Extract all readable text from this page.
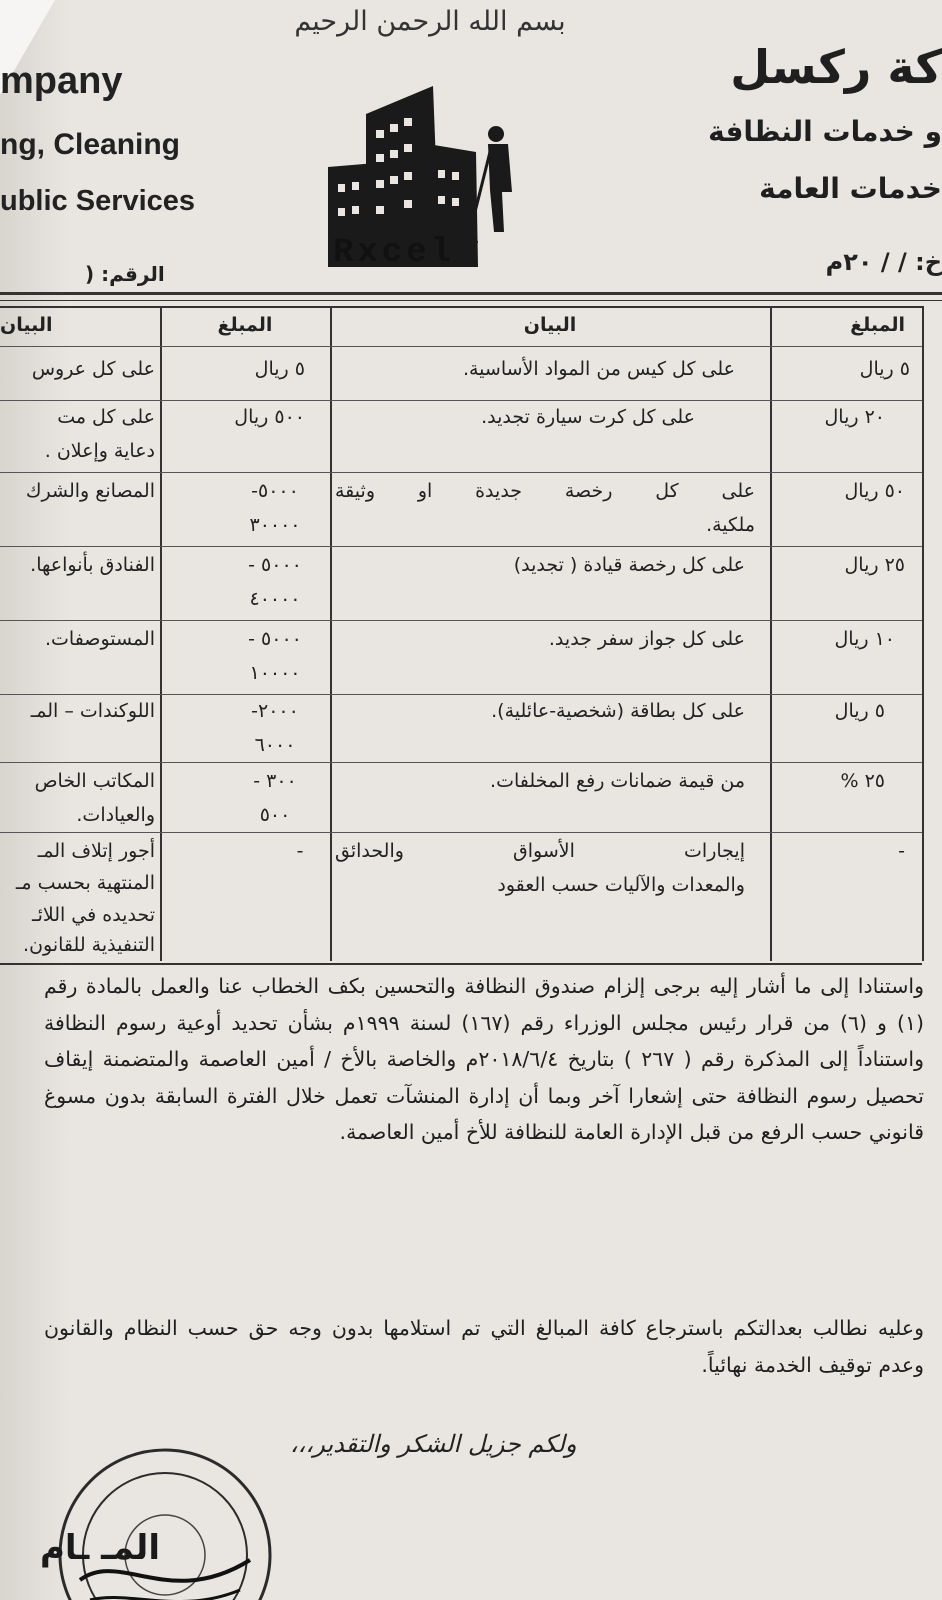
بسم الله الرحمن الرحيم
mpany
ng, Cleaning
ublic Services
كة ركسل
و خدمات النظافة
خدمات العامة
Rxcel	خ: / / ٢٠م
الرقم: (
المبلغ
البيان
المبلغ
البيان
٥ ريال
على كل كيس من المواد الأساسية.
٥ ريال
على كل عروس
٢٠ ريال
على كل كرت سيارة تجديد.
٥٠٠ ريال
على كل مت
دعاية وإعلان .
٥٠ ريال
على كل رخصة جديدة او وثيقة
ملكية.
-٥٠٠٠
٣٠٠٠٠
المصانع والشرك
٢٥ ريال
على كل رخصة قيادة ( تجديد)
- ٥٠٠٠
٤٠٠٠٠
الفنادق بأنواعها.
١٠ ريال
على كل جواز سفر جديد.
- ٥٠٠٠
١٠٠٠٠
المستوصفات.
٥ ريال
على كل بطاقة (شخصية-عائلية).
-٢٠٠٠
٦٠٠٠
اللوكندات – المـ
٢٥ %
من قيمة ضمانات رفع المخلفات.
- ٣٠٠
٥٠٠
المكاتب الخاص
والعيادات.
-
إيجارات الأسواق والحدائق
والمعدات والآليات حسب العقود
-
أجور إتلاف المـ
المنتهية بحسب مـ
تحديده في اللائـ
التنفيذية للقانون.
واستنادا إلى ما أشار إليه برجى إلزام صندوق النظافة والتحسين بكف الخطاب عنا والعمل بالمادة رقم (١) و (٦) من قرار رئيس مجلس الوزراء رقم (١٦٧) لسنة ١٩٩٩م بشأن تحديد أوعية رسوم النظافة واستناداً إلى المذكرة رقم ( ٢٦٧ ) بتاريخ ٢٠١٨/٦/٤م والخاصة بالأخ / أمين العاصمة والمتضمنة إيقاف تحصيل رسوم النظافة حتى إشعارا آخر وبما أن إدارة المنشآت تعمل خلال الفترة السابقة بدون مسوغ قانوني حسب الرفع من قبل الإدارة العامة للنظافة للأخ أمين العاصمة.
وعليه نطالب بعدالتكم باسترجاع كافة المبالغ التي تم استلامها بدون وجه حق حسب النظام والقانون وعدم توقيف الخدمة نهائياً.
ولكم جزيل الشكر والتقدير،،،
المـ ـام
